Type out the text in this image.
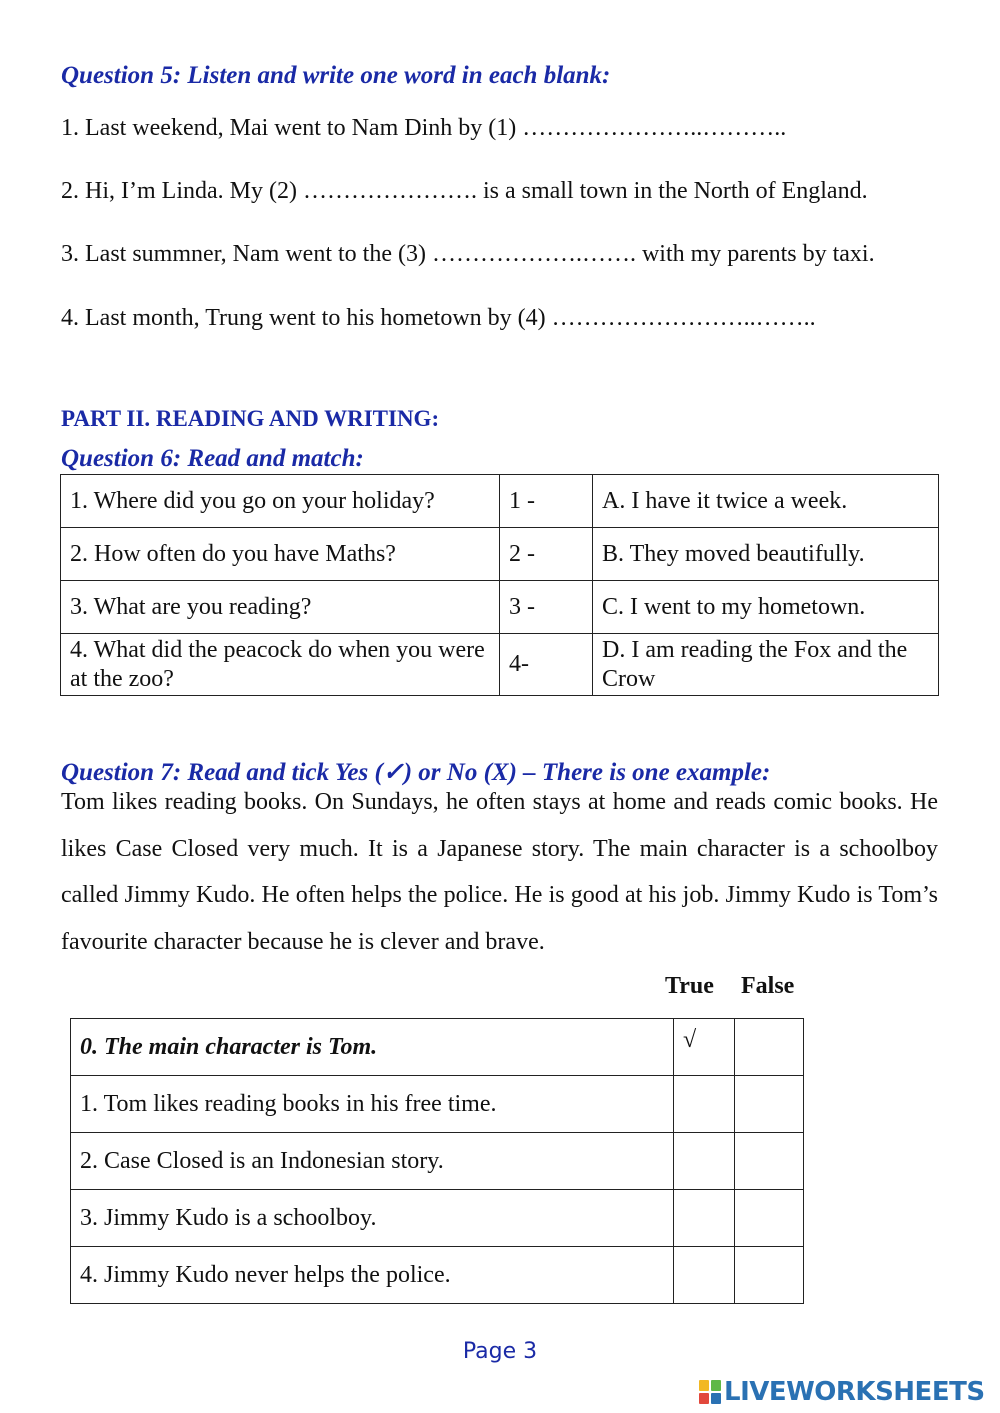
Question 5: Listen and write one word in each blank:
1. Last weekend, Mai went to Nam Dinh by (1) …………………..………..
2. Hi, I’m Linda. My (2) …………………. is a small town in the North of England.
3. Last summner, Nam went to the (3) ……………….……. with my parents by taxi.
4. Last month, Trung went to his hometown by (4) ……………………..……..
PART II. READING AND WRITING:
Question 6: Read and match:
1. Where did you go on your holiday?	1 -	A. I have it twice a week.
2. How often do you have Maths?	2 -	B. They moved beautifully.
3. What are you reading?	3 -	C. I went to my hometown.
4. What did the peacock do when you were at the zoo?	4-	D. I am reading the Fox and the Crow
Question 7: Read and tick Yes (✓) or No (X) – There is one example:
Tom likes reading books. On Sundays, he often stays at home and reads comic books. He likes Case Closed very much. It is a Japanese story. The main character is a schoolboy called Jimmy Kudo. He often helps the police. He is good at his job. Jimmy Kudo is Tom’s favourite character because he is clever and brave.
True False
0. The main character is Tom.	√	
1. Tom likes reading books in his free time.		
2. Case Closed is an Indonesian story.		
3. Jimmy Kudo is a schoolboy.		
4. Jimmy Kudo never helps the police.		
Page 3
LIVEWORKSHEETS
